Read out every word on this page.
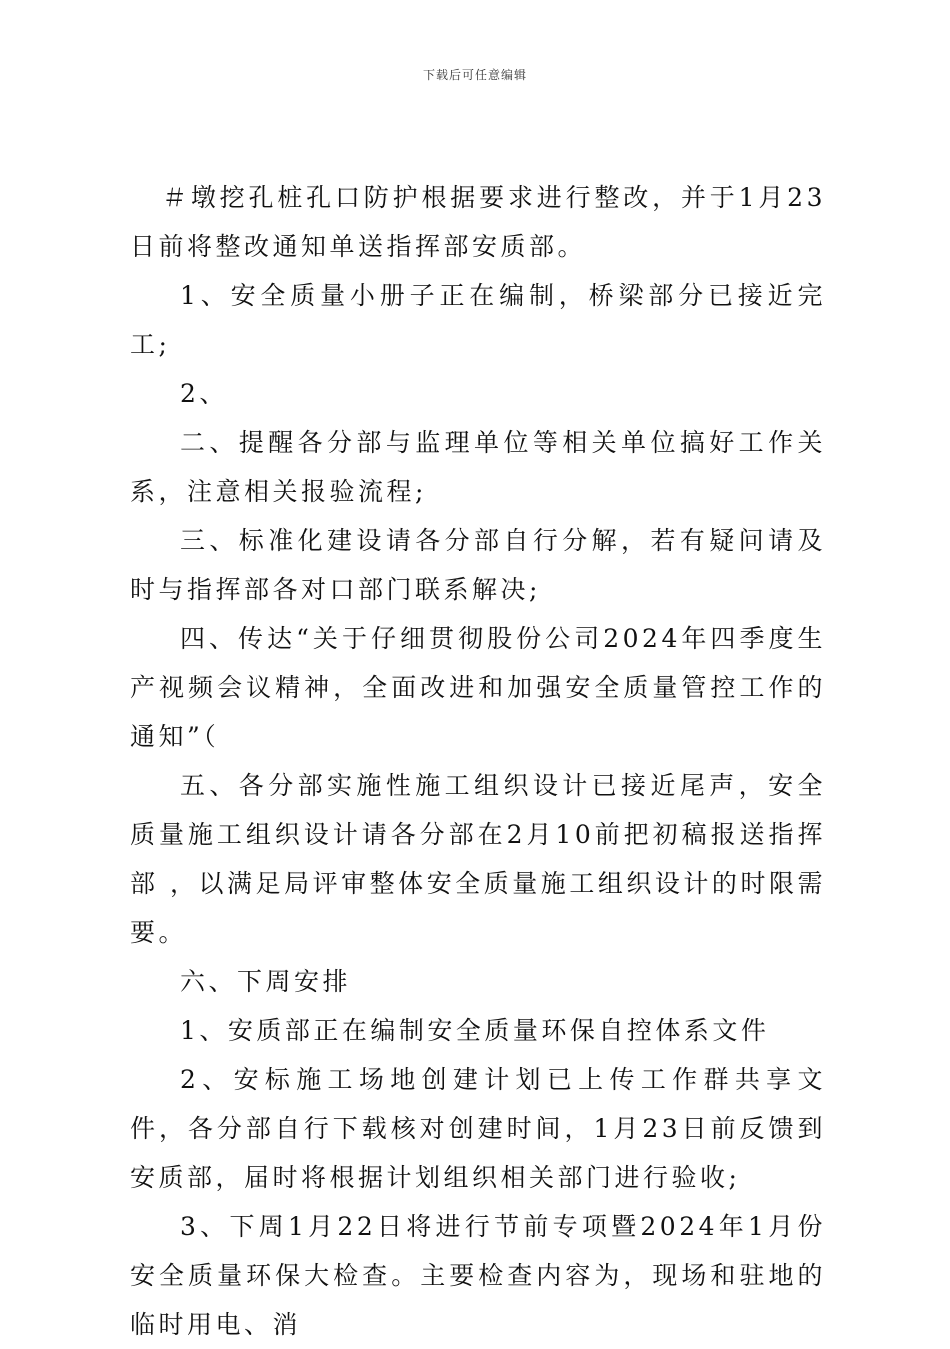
下载后可任意编辑

＃墩挖孔桩孔口防护根据要求进行整改，并于1月23日前将整改通知单送指挥部安质部。

1、安全质量小册子正在编制，桥梁部分已接近完工;

2、

二、提醒各分部与监理单位等相关单位搞好工作关系，注意相关报验流程;

三、标准化建设请各分部自行分解，若有疑问请及时与指挥部各对口部门联系解决;

四、传达“关于仔细贯彻股份公司2024年四季度生产视频会议精神，全面改进和加强安全质量管控工作的通知”（

五、各分部实施性施工组织设计已接近尾声，安全质量施工组织设计请各分部在2月10前把初稿报送指挥部 ，以满足局评审整体安全质量施工组织设计的时限需要。

六、下周安排

1、安质部正在编制安全质量环保自控体系文件

2、安标施工场地创建计划已上传工作群共享文件，各分部自行下载核对创建时间，1月23日前反馈到安质部，届时将根据计划组织相关部门进行验收;

3、下周1月22日将进行节前专项暨2024年1月份安全质量环保大检查。主要检查内容为，现场和驻地的临时用电、消
